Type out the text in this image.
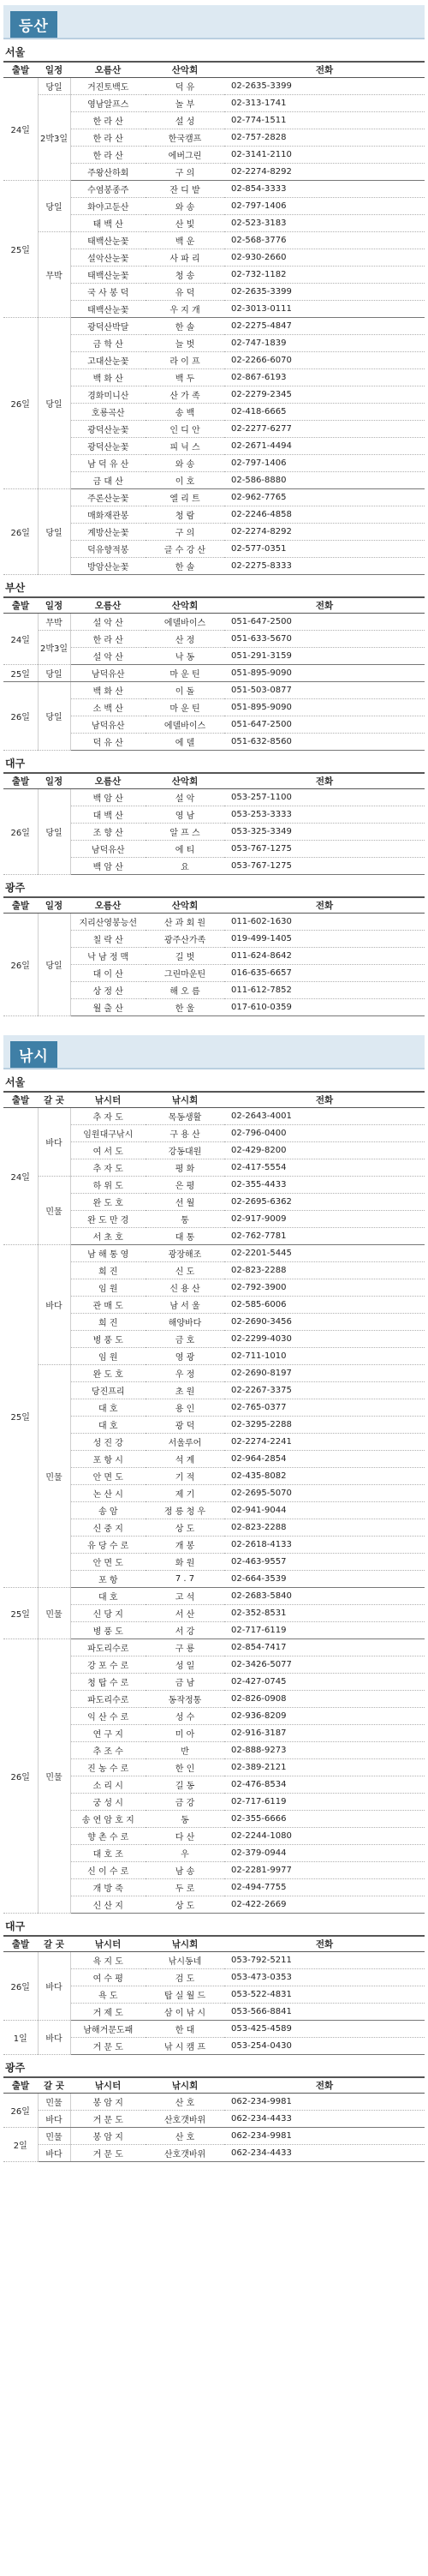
등산
서울
출발	일정	오름산	산악회	전화
24일	당일	거진토백도	덕 유	02-2635-3399
	2박3일	영남알프스	놀 부	02-313-1741
		한 라 산	설 성	02-774-1511
		한 라 산	한국캠프	02-757-2828
		한 라 산	에버그린	02-3141-2110
		주왕산하회	구 의	02-2274-8292
25일	당일	수염봉종주	잔 디 밭	02-854-3333
		화야고둔산	와 송	02-797-1406
		태 백 산	산 빛	02-523-3183
	무박	태백산눈꽃	백 운	02-568-3776
		설악산눈꽃	사 파 리	02-930-2660
		태백산눈꽃	청 송	02-732-1182
		국 사 봉 덕	유 덕	02-2635-3399
		태백산눈꽃	우 지 개	02-3013-0111
26일	당일	광덕산박달	한 솔	02-2275-4847
		금 학 산	늘 벗	02-747-1839
		고대산눈꽃	라 이 프	02-2266-6070
		백 화 산	백 두	02-867-6193
		경화미니산	산 가 족	02-2279-2345
		호룡곡산	송 백	02-418-6665
		광덕산눈꽃	인 디 안	02-2277-6277
		광덕산눈꽃	피 닉 스	02-2671-4494
		남 덕 유 산	와 송	02-797-1406
		금 대 산	이 호	02-586-8880
26일	당일	주론산눈꽃	엘 리 트	02-962-7765
		매화재관봉	청 람	02-2246-4858
		계방산눈꽃	구 의	02-2274-8292
		덕유향적봉	글 수 강 산	02-577-0351
		방암산눈꽃	한 솔	02-2275-8333
부산
출발	일정	오름산	산악회	전화
24일	무박	설 악 산	에델바이스	051-647-2500
	2박3일	한 라 산	산 정	051-633-5670
		설 악 산	낙 동	051-291-3159
25일	당일	남덕유산	마 운 틴	051-895-9090
26일	당일	백 화 산	이 돌	051-503-0877
		소 백 산	마 운 틴	051-895-9090
		남덕유산	에델바이스	051-647-2500
		덕 유 산	에 델	051-632-8560
대구
출발	일정	오름산	산악회	전화
26일	당일	백 암 산	설 악	053-257-1100
		대 백 산	영 남	053-253-3333
		조 향 산	알 프 스	053-325-3349
		남덕유산	에 티	053-767-1275
		백 암 산	요	053-767-1275
광주
출발	일정	오름산	산악회	전화
26일	당일	지리산영봉능선	산 과 회 원	011-602-1630
		칠 락 산	광주산가족	019-499-1405
		낙 남 정 맥	길 벗	011-624-8642
		대 이 산	그린마운틴	016-635-6657
		상 정 산	해 오 름	011-612-7852
		월 출 산	한 울	017-610-0359
낚시
서울
출발	갈 곳	낚시터	낚시회	전화
24일	바다	추 자 도	목동생활	02-2643-4001
		임원대구낚시	구 용 산	02-796-0400
		여 서 도	강동대원	02-429-8200
		추 자 도	평 화	02-417-5554
	민물	하 위 도	은 평	02-355-4433
		완 도 호	선 월	02-2695-6362
		완 도 만 경	통	02-917-9009
		서 초 호	대 통	02-762-7781
25일	바다	남 해 통 영	광장해조	02-2201-5445
		희 진	신 도	02-823-2288
		임 원	신 용 산	02-792-3900
		관 매 도	남 서 울	02-585-6006
		희 진	해양바다	02-2690-3456
		병 풍 도	금 호	02-2299-4030
		임 원	영 광	02-711-1010
	민물	완 도 호	우 정	02-2690-8197
		당진프리	초 원	02-2267-3375
		대 호	용 인	02-765-0377
		대 호	광 덕	02-3295-2288
		성 진 강	서울루어	02-2274-2241
		포 항 시	석 계	02-964-2854
		안 면 도	기 적	02-435-8082
		논 산 시	제 기	02-2695-5070
		송 암	정 릉 청 우	02-941-9044
		신 중 지	상 도	02-823-2288
		유 당 수 로	개 봉	02-2618-4133
		안 면 도	화 원	02-463-9557
		포 항	7 . 7	02-664-3539
25일	민물	대 호	고 석	02-2683-5840
		신 당 지	서 산	02-352-8531
		병 풍 도	서 강	02-717-6119
26일	민물	파도리수로	구 룡	02-854-7417
		강 포 수 로	성 일	02-3426-5077
		청 탑 수 로	금 남	02-427-0745
		파도리수로	동작정통	02-826-0908
		익 산 수 로	성 수	02-936-8209
		연 구 지	미 아	02-916-3187
		추 조 수	반	02-888-9273
		진 농 수 로	한 인	02-389-2121
		소 리 시	길 동	02-476-8534
		궁 성 시	금 강	02-717-6119
		송 연 암 호 지	동	02-355-6666
		향 촌 수 로	다 산	02-2244-1080
		대 호 조	우	02-379-0944
		신 이 수 로	남 송	02-2281-9977
		개 방 죽	두 로	02-494-7755
		신 산 지	상 도	02-422-2669
대구
출발	갈 곳	낚시터	낚시회	전화
26일	바다	욕 지 도	낚시동네	053-792-5211
		여 수 평	검 도	053-473-0353
		욕 도	탑 실 월 드	053-522-4831
		거 제 도	삼 이 낚 시	053-566-8841
1일	바다	남해거문도패	한 대	053-425-4589
		거 문 도	낚 시 캠 프	053-254-0430
광주
출발	갈 곳	낚시터	낚시회	전화
26일	민물	봉 암 지	산 호	062-234-9981
	바다	거 문 도	산호갯바위	062-234-4433
2일	민물	봉 암 지	산 호	062-234-9981
	바다	거 문 도	산호갯바위	062-234-4433
